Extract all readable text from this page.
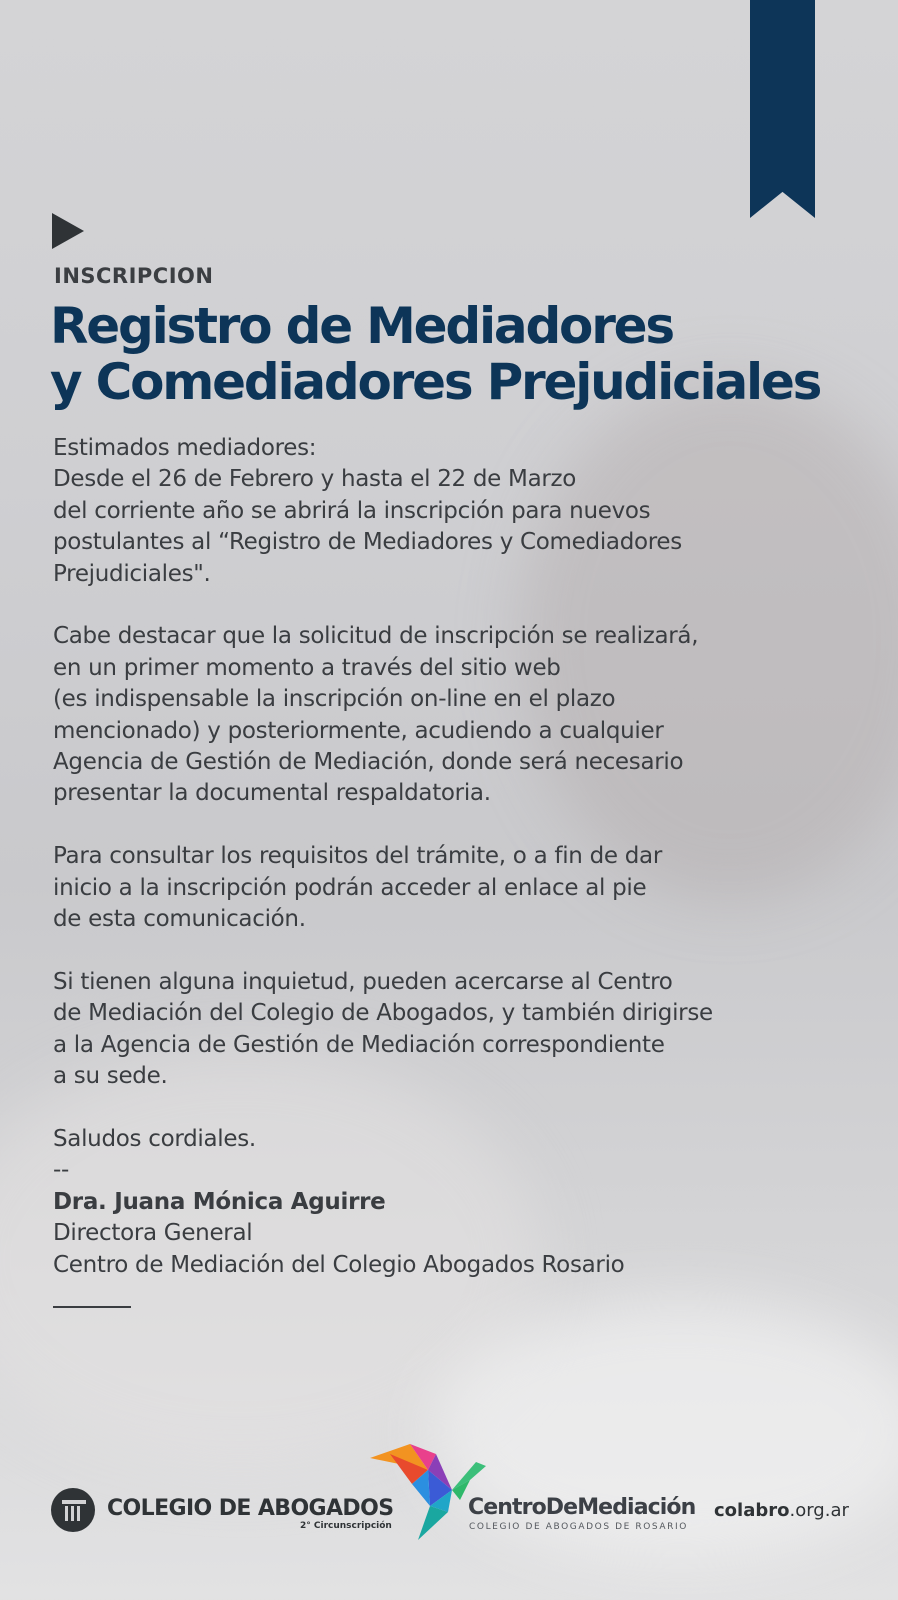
INSCRIPCION
Registro de Mediadores
y Comediadores Prejudiciales

Estimados mediadores:
Desde el 26 de Febrero y hasta el 22 de Marzo
del corriente año se abrirá la inscripción para nuevos
postulantes al “Registro de Mediadores y Comediadores
Prejudiciales".

Cabe destacar que la solicitud de inscripción se realizará,
en un primer momento a través del sitio web
(es indispensable la inscripción on-line en el plazo
mencionado) y posteriormente, acudiendo a cualquier
Agencia de Gestión de Mediación, donde será necesario
presentar la documental respaldatoria.

Para consultar los requisitos del trámite, o a fin de dar
inicio a la inscripción podrán acceder al enlace al pie
de esta comunicación.

Si tienen alguna inquietud, pueden acercarse al Centro
de Mediación del Colegio de Abogados, y también dirigirse
a la Agencia de Gestión de Mediación correspondiente
a su sede.

Saludos cordiales.
--
Dra. Juana Mónica Aguirre
Directora General
Centro de Mediación del Colegio Abogados Rosario

COLEGIO DE ABOGADOS
2° Circunscripción
CentroDeMediación
COLEGIO DE ABOGADOS DE ROSARIO
colabro.org.ar
